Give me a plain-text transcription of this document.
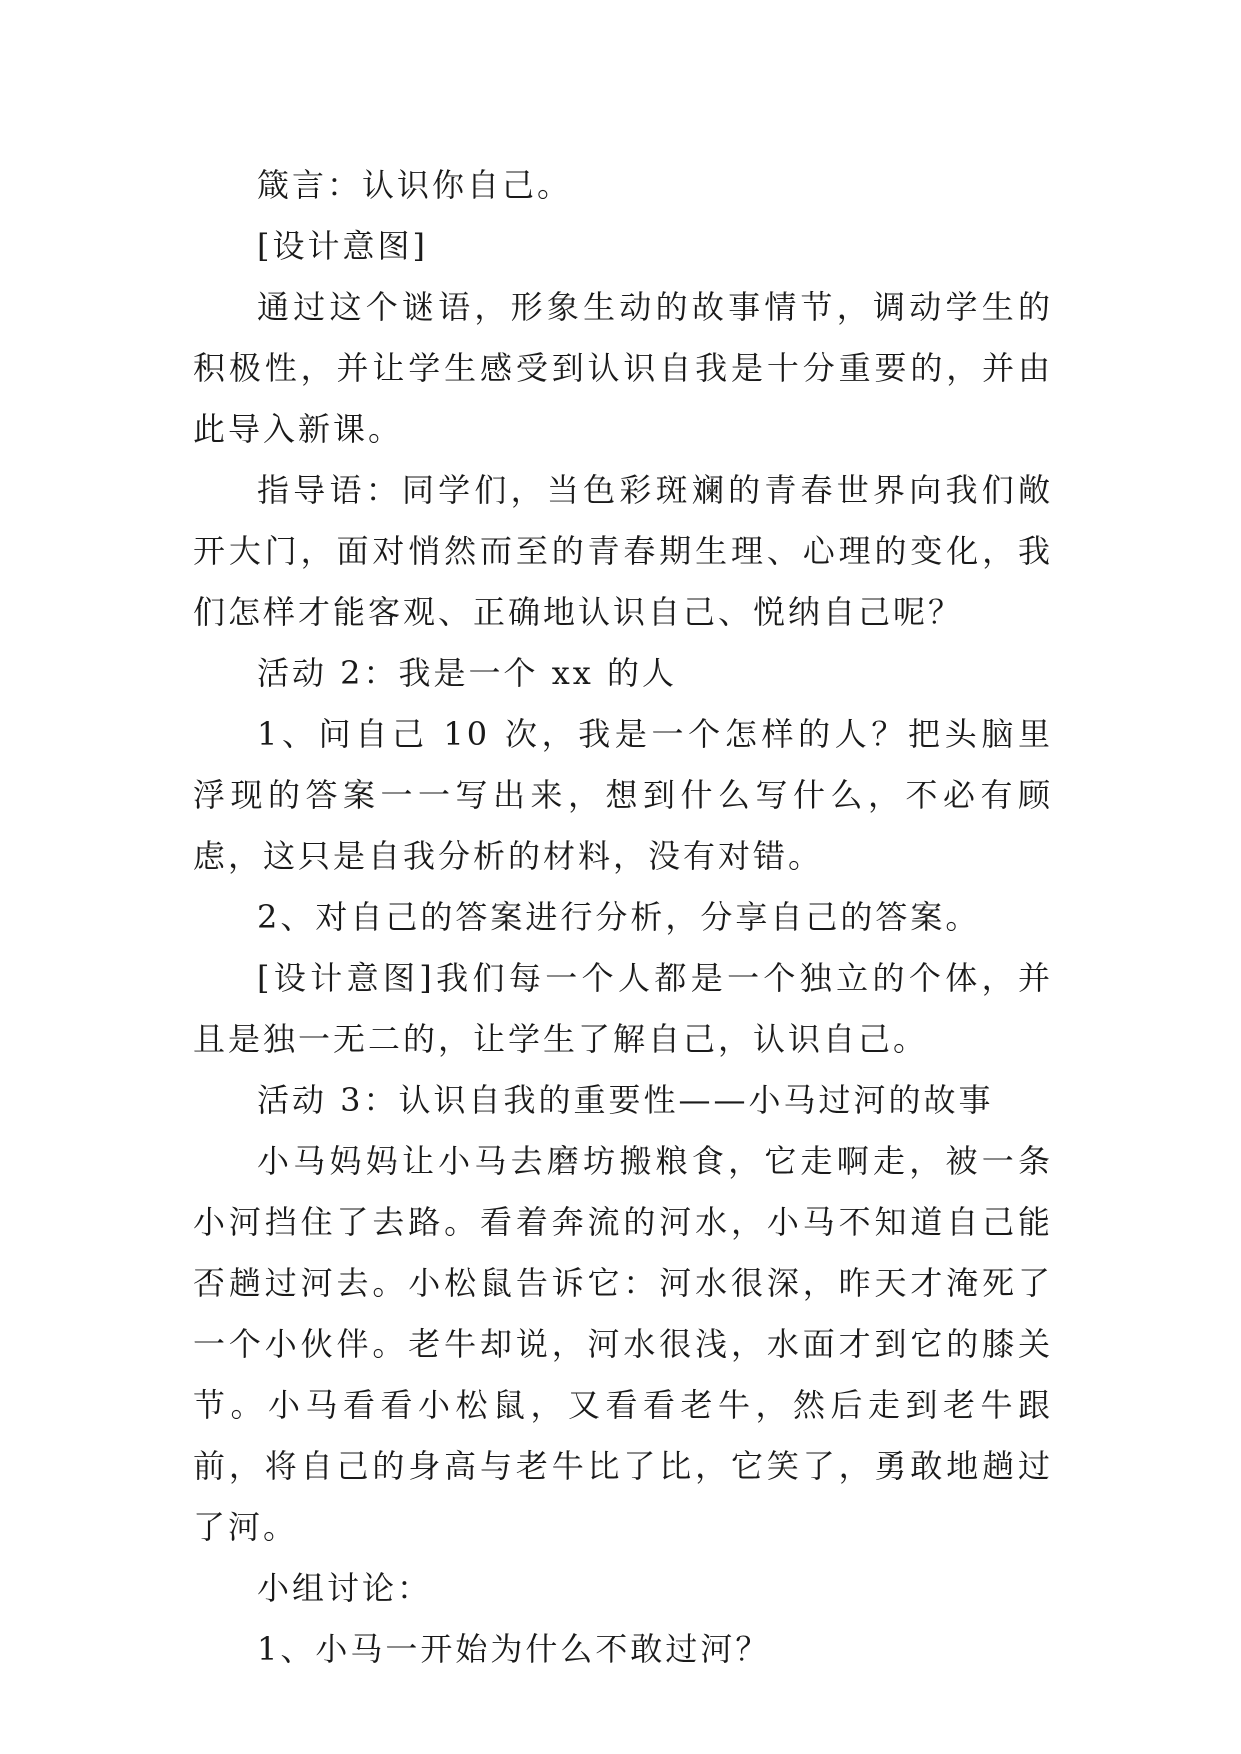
箴言：认识你自己。

[设计意图]

通过这个谜语，形象生动的故事情节，调动学生的积极性，并让学生感受到认识自我是十分重要的，并由此导入新课。

指导语：同学们，当色彩斑斓的青春世界向我们敞开大门，面对悄然而至的青春期生理、心理的变化，我们怎样才能客观、正确地认识自己、悦纳自己呢？

活动 2：我是一个 xx 的人

1、问自己 10 次，我是一个怎样的人？把头脑里浮现的答案一一写出来，想到什么写什么，不必有顾虑，这只是自我分析的材料，没有对错。

2、对自己的答案进行分析，分享自己的答案。

[设计意图]我们每一个人都是一个独立的个体，并且是独一无二的，让学生了解自己，认识自己。

活动 3：认识自我的重要性——小马过河的故事

小马妈妈让小马去磨坊搬粮食，它走啊走，被一条小河挡住了去路。看着奔流的河水，小马不知道自己能否趟过河去。小松鼠告诉它：河水很深，昨天才淹死了一个小伙伴。老牛却说，河水很浅，水面才到它的膝关节。小马看看小松鼠，又看看老牛，然后走到老牛跟前，将自己的身高与老牛比了比，它笑了，勇敢地趟过了河。

小组讨论：

1、小马一开始为什么不敢过河？
